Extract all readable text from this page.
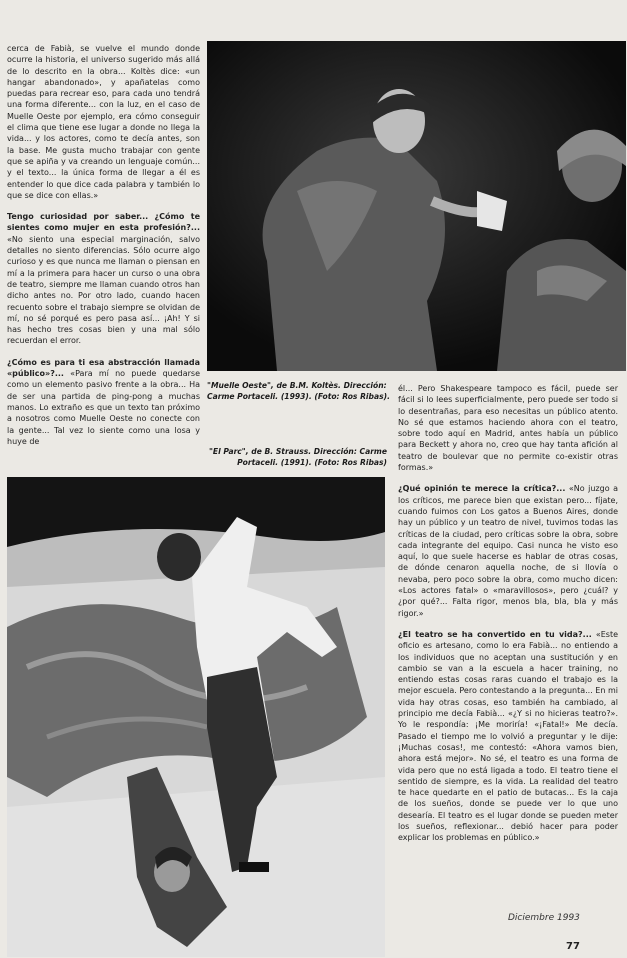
cerca de Fabià, se vuelve el mundo donde ocurre la historia, el universo sugerido más allá de lo descrito en la obra... Koltès dice: «un hangar abandonado», y apañatelas como puedas para recrear eso, para cada uno tendrá una forma diferente... con la luz, en el caso de Muelle Oeste por ejemplo, era cómo conseguir el clima que tiene ese lugar a donde no llega la vida... y los actores, como te decía antes, son la base. Me gusta mucho trabajar con gente que se apiña y va creando un lenguaje común... y el texto... la única forma de llegar a él es entender lo que dice cada palabra y también lo que se dice con ellas.»

Tengo curiosidad por saber... ¿Cómo te sientes como mujer en esta profesión?... «No siento una especial marginación, salvo detalles no siento diferencias. Sólo ocurre algo curioso y es que nunca me llaman o piensan en mí a la primera para hacer un curso o una obra de teatro, siempre me llaman cuando otros han dicho antes no. Por otro lado, cuando hacen recuento sobre el trabajo siempre se olvidan de mí, no sé porqué es pero pasa así... ¡Ah! Y si has hecho tres cosas bien y una mal sólo recuerdan el error.

¿Cómo es para ti esa abstracción llamada «público»?... «Para mí no puede quedarse como un elemento pasivo frente a la obra... Ha de ser una partida de ping-pong a muchas manos. Lo extraño es que un texto tan próximo a nosotros como Muelle Oeste no conecte con la gente... Tal vez lo siente como una losa y huye de

"Muelle Oeste", de B.M. Koltès. Dirección: Carme Portaceli. (1993). (Foto: Ros Ribas).
"El Parc", de B. Strauss. Dirección: Carme Portaceli. (1991). (Foto: Ros Ribas)

él... Pero Shakespeare tampoco es fácil, puede ser fácil si lo lees superficialmente, pero puede ser todo si lo desentrañas, para eso necesitas un público atento. No sé que estamos haciendo ahora con el teatro, sobre todo aquí en Madrid, antes había un público para Beckett y ahora no, creo que hay tanta afición al teatro de boulevar que no permite co-existir otras formas.»

¿Qué opinión te merece la crítica?... «No juzgo a los críticos, me parece bien que existan pero... fíjate, cuando fuimos con Los gatos a Buenos Aires, donde hay un público y un teatro de nivel, tuvimos todas las críticas de la ciudad, pero críticas sobre la obra, sobre cada integrante del equipo. Casi nunca he visto eso aquí, lo que suele hacerse es hablar de otras cosas, de dónde cenaron aquella noche, de si llovía o nevaba, pero poco sobre la obra, como mucho dicen: «Los actores fatal» o «maravillosos», pero ¿cuál? y ¿por qué?... Falta rigor, menos bla, bla, bla y más rigor.»

¿El teatro se ha convertido en tu vida?... «Este oficio es artesano, como lo era Fabià... no entiendo a los individuos que no aceptan una sustitución y en cambio se van a la escuela a hacer training, no entiendo estas cosas raras cuando el trabajo es la mejor escuela. Pero contestando a la pregunta... En mi vida hay otras cosas, eso también ha cambiado, al principio me decía Fabià... «¿Y si no hicieras teatro?». Yo le respondía: ¡Me moriría! «¡Fatal!» Me decía. Pasado el tiempo me lo volvió a preguntar y le dije: ¡Muchas cosas!, me contestó: «Ahora vamos bien, ahora está mejor». No sé, el teatro es una forma de vida pero que no está ligada a todo. El teatro tiene el sentido de siempre, es la vida. La realidad del teatro te hace quedarte en el patio de butacas... Es la caja de los sueños, donde se puede ver lo que uno desearía. El teatro es el lugar donde se pueden meter los sueños, reflexionar... debió hacer para poder explicar los problemas en público.»

Diciembre 1993
77
